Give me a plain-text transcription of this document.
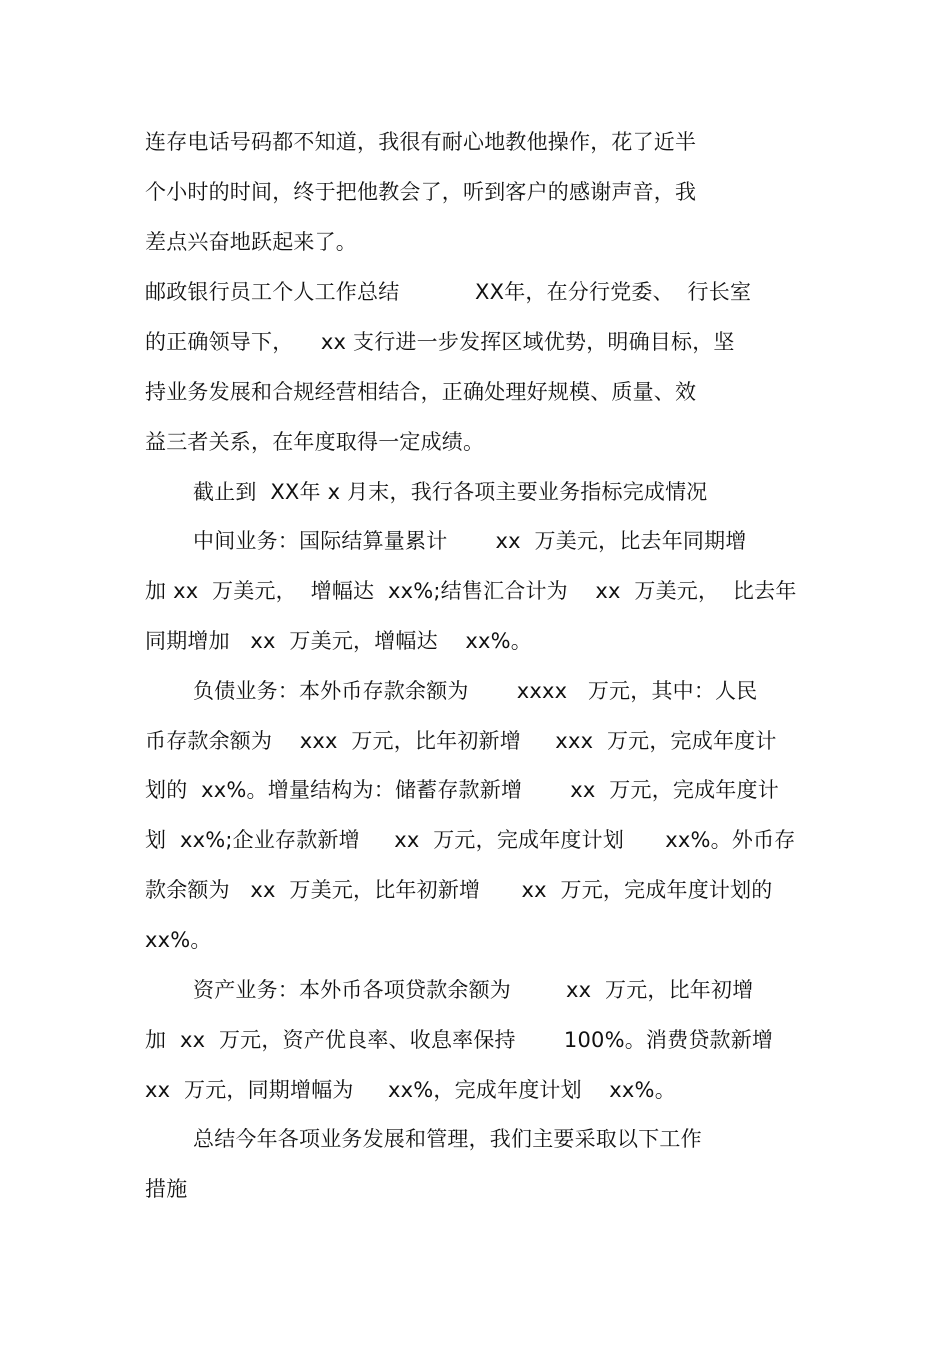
连存电话号码都不知道，我很有耐心地教他操作，花了近半
个小时的时间，终于把他教会了，听到客户的感谢声音，我
差点兴奋地跃起来了。
邮政银行员工个人工作总结           XX年，在分行党委、  行长室
的正确领导下，    xx 支行进一步发挥区域优势，明确目标，坚
持业务发展和合规经营相结合，正确处理好规模、质量、效
益三者关系，在年度取得一定成绩。
截止到  XX年 x 月末，我行各项主要业务指标完成情况
中间业务：国际结算量累计       xx  万美元，比去年同期增
加 xx  万美元，  增幅达  xx%;结售汇合计为    xx  万美元，  比去年
同期增加   xx  万美元，增幅达    xx%。
负债业务：本外币存款余额为       xxxx   万元，其中：人民
币存款余额为    xxx  万元，比年初新增     xxx  万元，完成年度计
划的  xx%。增量结构为：储蓄存款新增       xx  万元，完成年度计
划  xx%;企业存款新增     xx  万元，完成年度计划      xx%。外币存
款余额为   xx  万美元，比年初新增      xx  万元，完成年度计划的
xx%。
资产业务：本外币各项贷款余额为        xx  万元，比年初增
加  xx  万元，资产优良率、收息率保持       100%。消费贷款新增
xx  万元，同期增幅为     xx%，完成年度计划    xx%。
总结今年各项业务发展和管理，我们主要采取以下工作
措施
